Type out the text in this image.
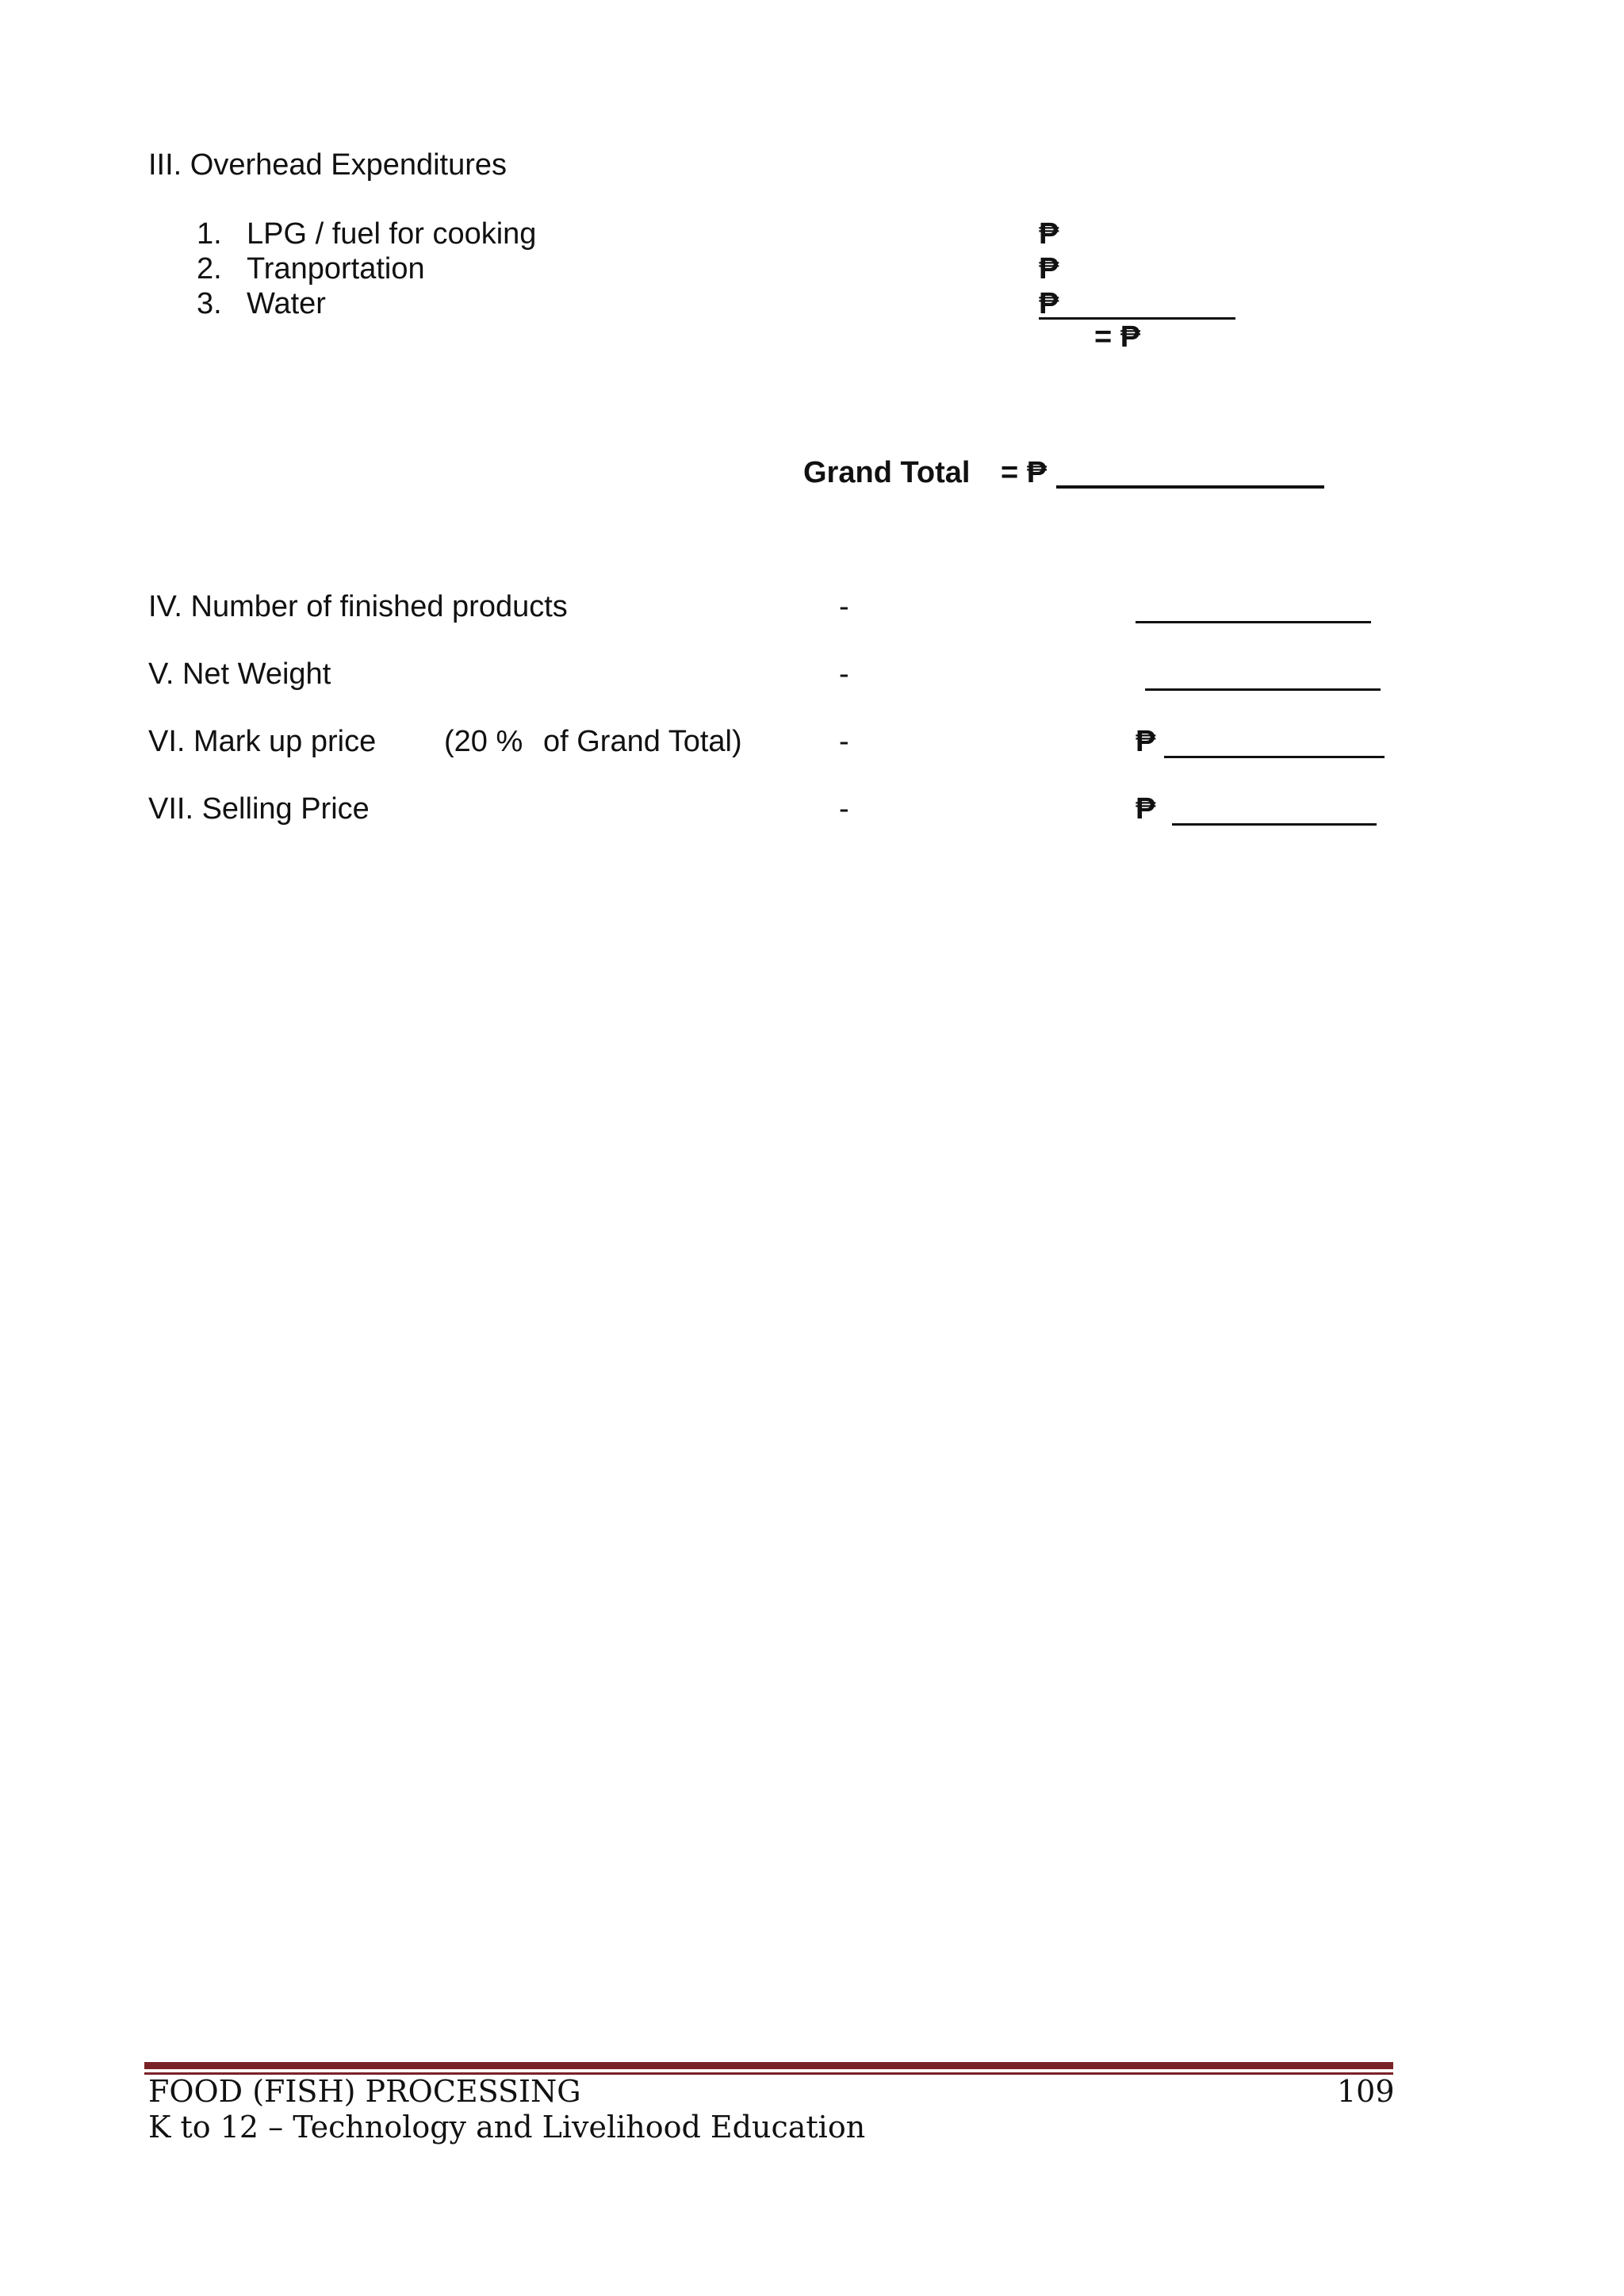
III. Overhead Expenditures
1. LPG / fuel for cooking	₱
2. Tranportation	₱
3. Water	₱
= ₱
Grand Total = ₱
IV. Number of finished products	-
V. Net Weight	-
VI. Mark up price (20 % of Grand Total)	-	₱
VII. Selling Price	-	₱
FOOD (FISH) PROCESSING	109
K to 12 – Technology and Livelihood Education
